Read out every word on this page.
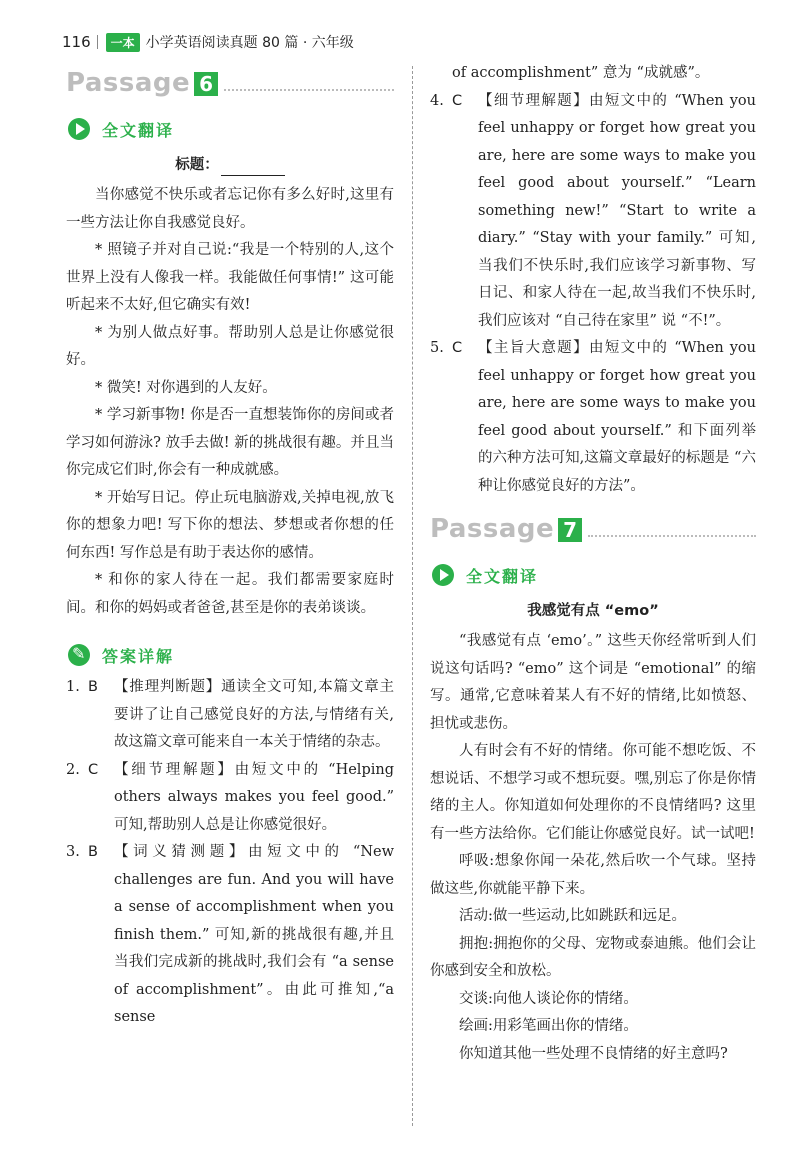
116	一本 小学英语阅读真题 80 篇 · 六年级
Passage 6
全文翻译
标题：

当你感觉不快乐或者忘记你有多么好时,这里有一些方法让你自我感觉良好。

* 照镜子并对自己说:“我是一个特别的人,这个世界上没有人像我一样。我能做任何事情!” 这可能听起来不太好,但它确实有效!

* 为别人做点好事。帮助别人总是让你感觉很好。

* 微笑! 对你遇到的人友好。

* 学习新事物! 你是否一直想装饰你的房间或者学习如何游泳? 放手去做! 新的挑战很有趣。并且当你完成它们时,你会有一种成就感。

* 开始写日记。停止玩电脑游戏,关掉电视,放飞你的想象力吧! 写下你的想法、梦想或者你想的任何东西! 写作总是有助于表达你的感情。

* 和你的家人待在一起。我们都需要家庭时间。和你的妈妈或者爸爸,甚至是你的表弟谈谈。

✎
答案详解
1. B	【推理判断题】通读全文可知,本篇文章主要讲了让自己感觉良好的方法,与情绪有关,故这篇文章可能来自一本关于情绪的杂志。
2. C	【细节理解题】由短文中的 “Helping others always makes you feel good.” 可知,帮助别人总是让你感觉很好。
3. B	【词义猜测题】由短文中的 “New challenges are fun. And you will have a sense of accomplishment when you finish them.” 可知,新的挑战很有趣,并且当我们完成新的挑战时,我们会有 “a sense of accomplishment”。由此可推知,“a sense
of accomplishment” 意为 “成就感”。
4. C	【细节理解题】由短文中的 “When you feel unhappy or forget how great you are, here are some ways to make you feel good about yourself.” “Learn something new!” “Start to write a diary.” “Stay with your family.” 可知,当我们不快乐时,我们应该学习新事物、写日记、和家人待在一起,故当我们不快乐时,我们应该对 “自己待在家里” 说 “不!”。
5. C	【主旨大意题】由短文中的 “When you feel unhappy or forget how great you are, here are some ways to make you feel good about yourself.” 和下面列举的六种方法可知,这篇文章最好的标题是 “六种让你感觉良好的方法”。
Passage 7
全文翻译
我感觉有点 “emo”

“我感觉有点 ‘emo’。” 这些天你经常听到人们说这句话吗? “emo” 这个词是 “emotional” 的缩写。通常,它意味着某人有不好的情绪,比如愤怒、担忧或悲伤。

人有时会有不好的情绪。你可能不想吃饭、不想说话、不想学习或不想玩耍。嘿,别忘了你是你情绪的主人。你知道如何处理你的不良情绪吗? 这里有一些方法给你。它们能让你感觉良好。试一试吧!

呼吸:想象你闻一朵花,然后吹一个气球。坚持做这些,你就能平静下来。

活动:做一些运动,比如跳跃和远足。

拥抱:拥抱你的父母、宠物或泰迪熊。他们会让你感到安全和放松。

交谈:向他人谈论你的情绪。

绘画:用彩笔画出你的情绪。

你知道其他一些处理不良情绪的好主意吗?
